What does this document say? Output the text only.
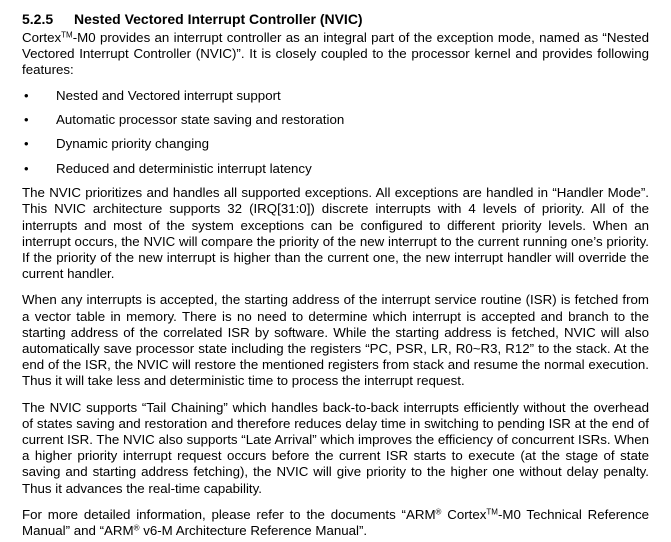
5.2.5 Nested Vectored Interrupt Controller (NVIC)

Cortex™-M0 provides an interrupt controller as an integral part of the exception mode, named as “Nested Vectored Interrupt Controller (NVIC)”. It is closely coupled to the processor kernel and provides following features:

• Nested and Vectored interrupt support
• Automatic processor state saving and restoration
• Dynamic priority changing
• Reduced and deterministic interrupt latency

The NVIC prioritizes and handles all supported exceptions. All exceptions are handled in “Handler Mode”. This NVIC architecture supports 32 (IRQ[31:0]) discrete interrupts with 4 levels of priority. All of the interrupts and most of the system exceptions can be configured to different priority levels. When an interrupt occurs, the NVIC will compare the priority of the new interrupt to the current running one’s priority. If the priority of the new interrupt is higher than the current one, the new interrupt handler will override the current handler.

When any interrupts is accepted, the starting address of the interrupt service routine (ISR) is fetched from a vector table in memory. There is no need to determine which interrupt is accepted and branch to the starting address of the correlated ISR by software. While the starting address is fetched, NVIC will also automatically save processor state including the registers “PC, PSR, LR, R0~R3, R12” to the stack. At the end of the ISR, the NVIC will restore the mentioned registers from stack and resume the normal execution. Thus it will take less and deterministic time to process the interrupt request.

The NVIC supports “Tail Chaining” which handles back-to-back interrupts efficiently without the overhead of states saving and restoration and therefore reduces delay time in switching to pending ISR at the end of current ISR. The NVIC also supports “Late Arrival” which improves the efficiency of concurrent ISRs. When a higher priority interrupt request occurs before the current ISR starts to execute (at the stage of state saving and starting address fetching), the NVIC will give priority to the higher one without delay penalty. Thus it advances the real-time capability.

For more detailed information, please refer to the documents “ARM® Cortex™-M0 Technical Reference Manual” and “ARM® v6-M Architecture Reference Manual”.
